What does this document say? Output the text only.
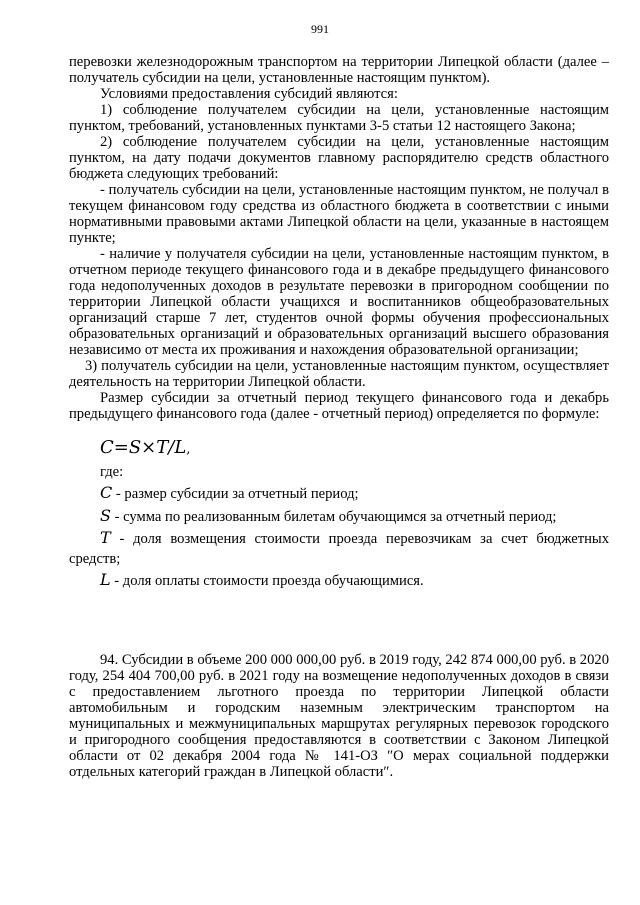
991

перевозки железнодорожным транспортом на территории Липецкой области (далее – получатель субсидии на цели, установленные настоящим пунктом).

Условиями предоставления субсидий являются:

1) соблюдение получателем субсидии на цели, установленные настоящим пунктом, требований, установленных пунктами 3-5 статьи 12 настоящего Закона;

2) соблюдение получателем субсидии на цели, установленные настоящим пунктом, на дату подачи документов главному распорядителю средств областного бюджета следующих требований:

- получатель субсидии на цели, установленные настоящим пунктом, не получал в текущем финансовом году средства из областного бюджета в соответствии с иными нормативными правовыми актами Липецкой области на цели, указанные в настоящем пункте;

- наличие у получателя субсидии на цели, установленные настоящим пунктом, в отчетном периоде текущего финансового года и в декабре предыдущего финансового года недополученных доходов в результате перевозки в пригородном сообщении по территории Липецкой области учащихся и воспитанников общеобразовательных организаций старше 7 лет, студентов очной формы обучения профессиональных образовательных организаций и образовательных организаций высшего образования независимо от места их проживания и нахождения образовательной организации;

3) получатель субсидии на цели, установленные настоящим пунктом, осуществляет деятельность на территории Липецкой области.

Размер субсидии за отчетный период текущего финансового года и декабрь предыдущего финансового года (далее - отчетный период) определяется по формуле:

C=S×T/L,

где:

C - размер субсидии за отчетный период;

S - сумма по реализованным билетам обучающимся за отчетный период;

T - доля возмещения стоимости проезда перевозчикам за счет бюджетных средств;

L - доля оплаты стоимости проезда обучающимися.

94. Субсидии в объеме 200 000 000,00 руб. в 2019 году, 242 874 000,00 руб. в 2020 году, 254 404 700,00 руб. в 2021 году на возмещение недополученных доходов в связи с предоставлением льготного проезда по территории Липецкой области автомобильным и городским наземным электрическим транспортом на муниципальных и межмуниципальных маршрутах регулярных перевозок городского и пригородного сообщения предоставляются в соответствии с Законом Липецкой области от 02 декабря 2004 года № 141-ОЗ ″О мерах социальной поддержки отдельных категорий граждан в Липецкой области″.
